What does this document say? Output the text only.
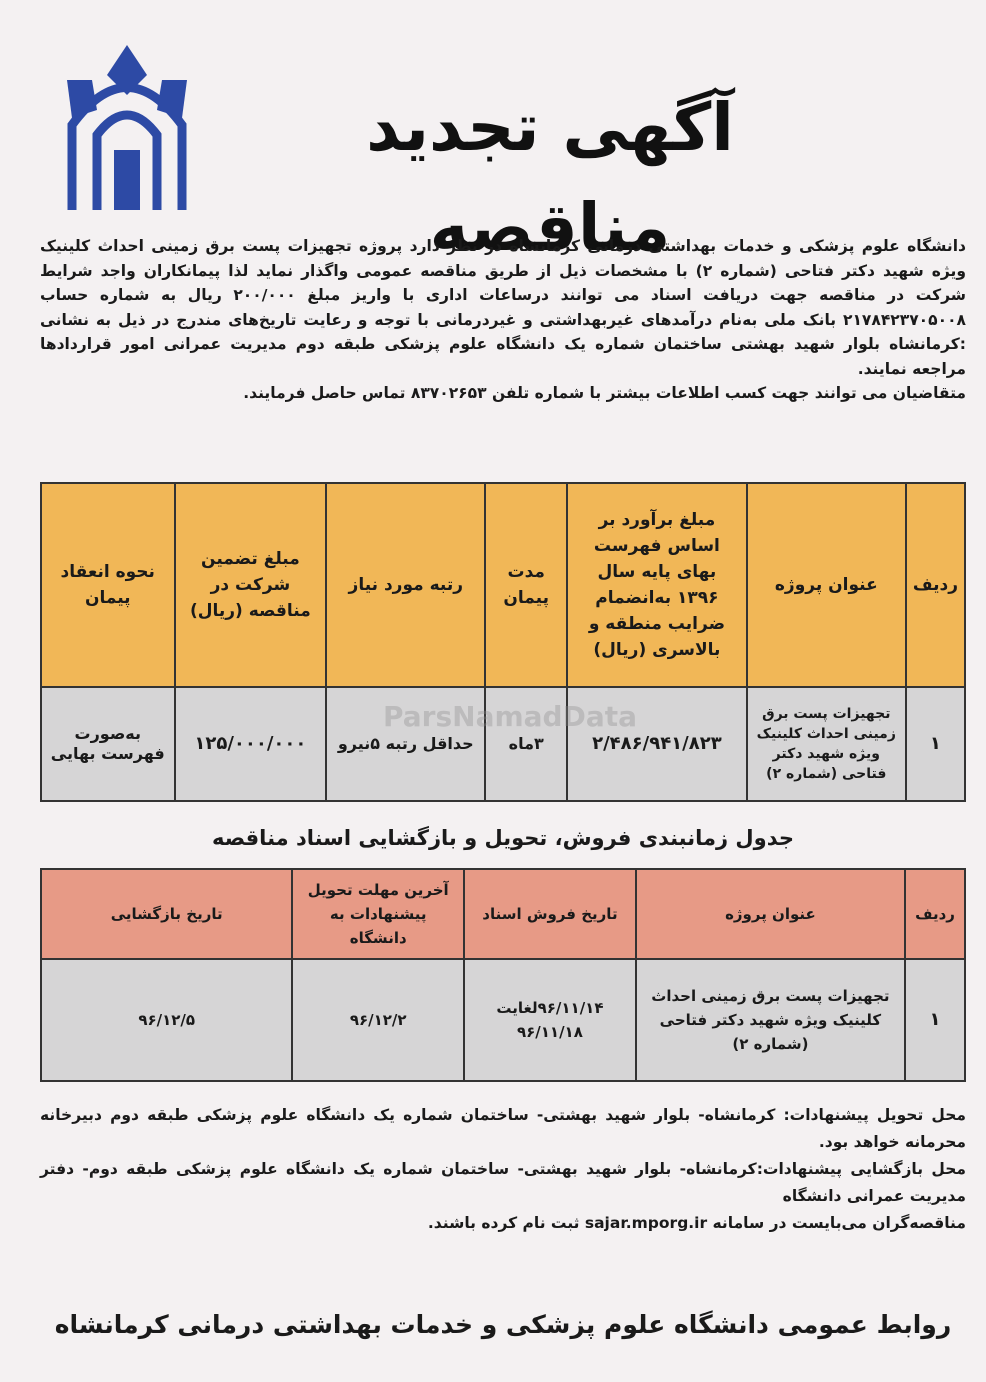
آگهی تجدید مناقصه

دانشگاه علوم پزشکی و خدمات بهداشتی درمانی کرمانشاه در نظر دارد پروژه تجهیزات پست برق زمینی احداث کلینیک ویژه شهید دکتر فتاحی (شماره ۲) با مشخصات ذیل از طریق مناقصه عمومی واگذار نماید لذا پیمانکاران واجد شرایط شرکت در مناقصه جهت دریافت اسناد می توانند درساعات اداری با واریز مبلغ ۲۰۰/۰۰۰ ریال به شماره حساب ۲۱۷۸۴۲۳۷۰۵۰۰۸ بانک ملی به‌نام درآمدهای غیربهداشتی و غیردرمانی با توجه و رعایت تاریخ‌های مندرج در ذیل به نشانی :کرمانشاه بلوار شهید بهشتی ساختمان شماره یک دانشگاه علوم پزشکی طبقه دوم مدیریت عمرانی امور قراردادها مراجعه نمایند.

متقاضیان می توانند جهت کسب اطلاعات بیشتر با شماره تلفن ۸۳۷۰۲۶۵۳ تماس حاصل فرمایند.

ردیف	عنوان پروژه	مبلغ برآورد بر اساس فهرست بهای پایه سال ۱۳۹۶ به‌انضمام ضرایب منطقه و بالاسری (ریال)	مدت پیمان	رتبه مورد نیاز	مبلغ تضمین شرکت در مناقصه (ریال)	نحوه انعقاد پیمان
۱	تجهیزات پست برق زمینی احداث کلینیک ویژه شهید دکتر فتاحی (شماره ۲)	۲/۴۸۶/۹۴۱/۸۲۳	۳ماه	حداقل رتبه ۵نیرو	۱۲۵/۰۰۰/۰۰۰	به‌صورت فهرست بهایی
ParsNamadData
جدول زمانبندی فروش، تحویل و بازگشایی اسناد مناقصه
ردیف	عنوان پروژه	تاریخ فروش اسناد	آخرین مهلت تحویل پیشنهادات به دانشگاه	تاریخ بازگشایی
۱	تجهیزات پست برق زمینی احداث کلینیک ویژه شهید دکتر فتاحی (شماره ۲)	۹۶/۱۱/۱۴لغایت ۹۶/۱۱/۱۸	۹۶/۱۲/۲	۹۶/۱۲/۵

محل تحویل پیشنهادات: کرمانشاه- بلوار شهید بهشتی- ساختمان شماره یک دانشگاه علوم پزشکی طبقه دوم دبیرخانه محرمانه خواهد بود.

محل بازگشایی پیشنهادات:کرمانشاه- بلوار شهید بهشتی- ساختمان شماره یک دانشگاه علوم پزشکی طبقه دوم- دفتر مدیریت عمرانی دانشگاه

مناقصه‌گران می‌بایست در سامانه sajar.mporg.ir ثبت نام کرده باشند.

روابط عمومی دانشگاه علوم پزشکی و خدمات بهداشتی درمانی کرمانشاه
